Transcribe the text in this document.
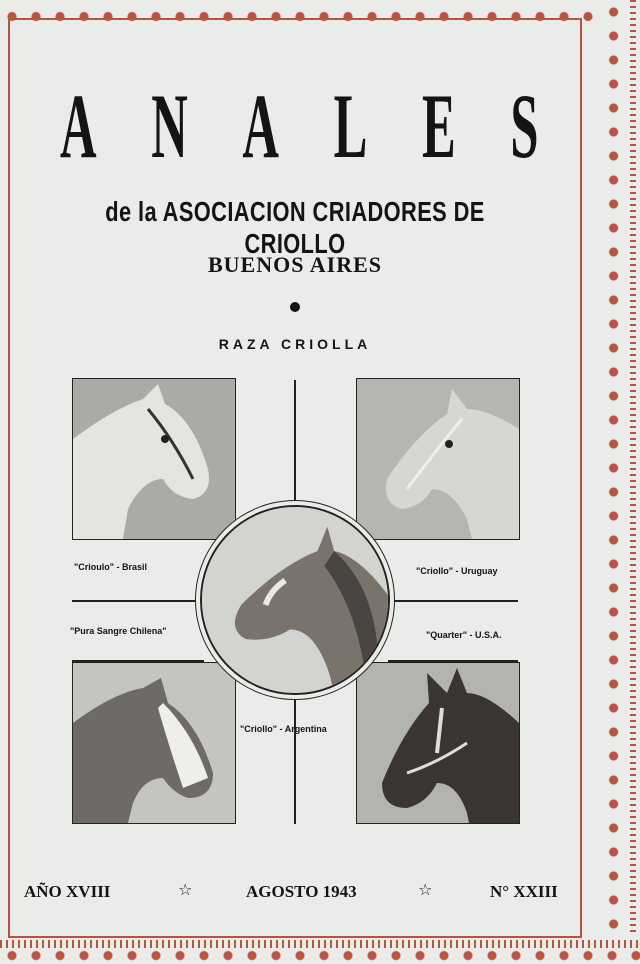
A N A L E S
de la ASOCIACION CRIADORES DE CRIOLLO
BUENOS AIRES
RAZA CRIOLLA
"Crioulo" - Brasil	"Criollo" - Uruguay
"Pura Sangre Chilena"	"Quarter" - U.S.A.
"Criollo" - Argentina
AÑO XVIII	☆	AGOSTO 1943	☆	N° XXIII
